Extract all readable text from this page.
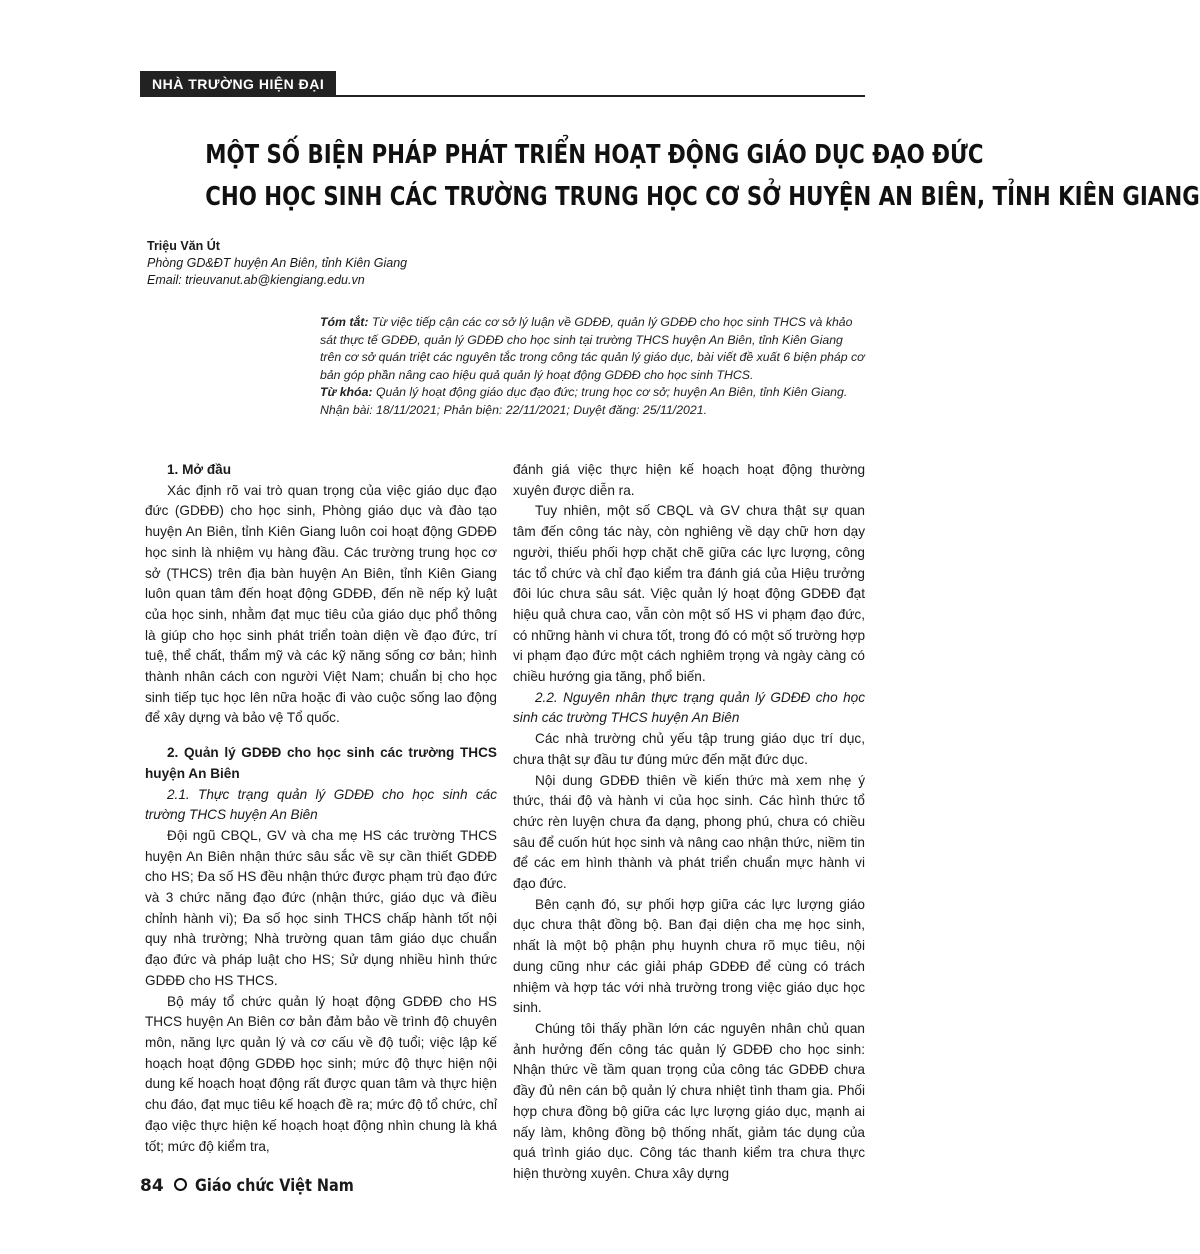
NHÀ TRƯỜNG HIỆN ĐẠI
MỘT SỐ BIỆN PHÁP PHÁT TRIỂN HOẠT ĐỘNG GIÁO DỤC ĐẠO ĐỨC
CHO HỌC SINH CÁC TRƯỜNG TRUNG HỌC CƠ SỞ HUYỆN AN BIÊN, TỈNH KIÊN GIANG
Triệu Văn Út
Phòng GD&ĐT huyện An Biên, tỉnh Kiên Giang
Email: trieuvanut.ab@kiengiang.edu.vn
Tóm tắt: Từ việc tiếp cận các cơ sở lý luận về GDĐĐ, quản lý GDĐĐ cho học sinh THCS và khảo sát thực tế GDĐĐ, quản lý GDĐĐ cho học sinh tại trường THCS huyện An Biên, tỉnh Kiên Giang trên cơ sở quán triệt các nguyên tắc trong công tác quản lý giáo dục, bài viết đề xuất 6 biện pháp cơ bản góp phần nâng cao hiệu quả quản lý hoạt động GDĐĐ cho học sinh THCS.
Từ khóa: Quản lý hoạt động giáo dục đạo đức; trung học cơ sở; huyện An Biên, tỉnh Kiên Giang.
Nhận bài: 18/11/2021; Phản biện: 22/11/2021; Duyệt đăng: 25/11/2021.

1. Mở đầu

Xác định rõ vai trò quan trọng của việc giáo dục đạo đức (GDĐĐ) cho học sinh, Phòng giáo dục và đào tạo huyện An Biên, tỉnh Kiên Giang luôn coi hoạt động GDĐĐ học sinh là nhiệm vụ hàng đầu. Các trường trung học cơ sở (THCS) trên địa bàn huyện An Biên, tỉnh Kiên Giang luôn quan tâm đến hoạt động GDĐĐ, đến nề nếp kỷ luật của học sinh, nhằm đạt mục tiêu của giáo dục phổ thông là giúp cho học sinh phát triển toàn diện về đạo đức, trí tuệ, thể chất, thẩm mỹ và các kỹ năng sống cơ bản; hình thành nhân cách con người Việt Nam; chuẩn bị cho học sinh tiếp tục học lên nữa hoặc đi vào cuộc sống lao động để xây dựng và bảo vệ Tổ quốc.

2. Quản lý GDĐĐ cho học sinh các trường THCS huyện An Biên

2.1. Thực trạng quản lý GDĐĐ cho học sinh các trường THCS huyện An Biên

Đội ngũ CBQL, GV và cha mẹ HS các trường THCS huyện An Biên nhận thức sâu sắc về sự cần thiết GDĐĐ cho HS; Đa số HS đều nhận thức được phạm trù đạo đức và 3 chức năng đạo đức (nhận thức, giáo dục và điều chỉnh hành vi); Đa số học sinh THCS chấp hành tốt nội quy nhà trường; Nhà trường quan tâm giáo dục chuẩn đạo đức và pháp luật cho HS; Sử dụng nhiều hình thức GDĐĐ cho HS THCS.

Bộ máy tổ chức quản lý hoạt động GDĐĐ cho HS THCS huyện An Biên cơ bản đảm bảo về trình độ chuyên môn, năng lực quản lý và cơ cấu về độ tuổi; việc lập kế hoạch hoạt động GDĐĐ học sinh; mức độ thực hiện nội dung kế hoạch hoạt động rất được quan tâm và thực hiện chu đáo, đạt mục tiêu kế hoạch đề ra; mức độ tổ chức, chỉ đạo việc thực hiện kế hoạch hoạt động nhìn chung là khá tốt; mức độ kiểm tra,

đánh giá việc thực hiện kế hoạch hoạt động thường xuyên được diễn ra.

Tuy nhiên, một số CBQL và GV chưa thật sự quan tâm đến công tác này, còn nghiêng về dạy chữ hơn dạy người, thiếu phối hợp chặt chẽ giữa các lực lượng, công tác tổ chức và chỉ đạo kiểm tra đánh giá của Hiệu trưởng đôi lúc chưa sâu sát. Việc quản lý hoạt động GDĐĐ đạt hiệu quả chưa cao, vẫn còn một số HS vi phạm đạo đức, có những hành vi chưa tốt, trong đó có một số trường hợp vi phạm đạo đức một cách nghiêm trọng và ngày càng có chiều hướng gia tăng, phổ biến.

2.2. Nguyên nhân thực trạng quản lý GDĐĐ cho học sinh các trường THCS huyện An Biên

Các nhà trường chủ yếu tập trung giáo dục trí dục, chưa thật sự đầu tư đúng mức đến mặt đức dục.

Nội dung GDĐĐ thiên về kiến thức mà xem nhẹ ý thức, thái độ và hành vi của học sinh. Các hình thức tổ chức rèn luyện chưa đa dạng, phong phú, chưa có chiều sâu để cuốn hút học sinh và nâng cao nhận thức, niềm tin để các em hình thành và phát triển chuẩn mực hành vi đạo đức.

Bên cạnh đó, sự phối hợp giữa các lực lượng giáo dục chưa thật đồng bộ. Ban đại diện cha mẹ học sinh, nhất là một bộ phận phụ huynh chưa rõ mục tiêu, nội dung cũng như các giải pháp GDĐĐ để cùng có trách nhiệm và hợp tác với nhà trường trong việc giáo dục học sinh.

Chúng tôi thấy phần lớn các nguyên nhân chủ quan ảnh hưởng đến công tác quản lý GDĐĐ cho học sinh: Nhận thức về tầm quan trọng của công tác GDĐĐ chưa đầy đủ nên cán bộ quản lý chưa nhiệt tình tham gia. Phối hợp chưa đồng bộ giữa các lực lượng giáo dục, mạnh ai nấy làm, không đồng bộ thống nhất, giảm tác dụng của quá trình giáo dục. Công tác thanh kiểm tra chưa thực hiện thường xuyên. Chưa xây dựng

84 Giáo chức Việt Nam
